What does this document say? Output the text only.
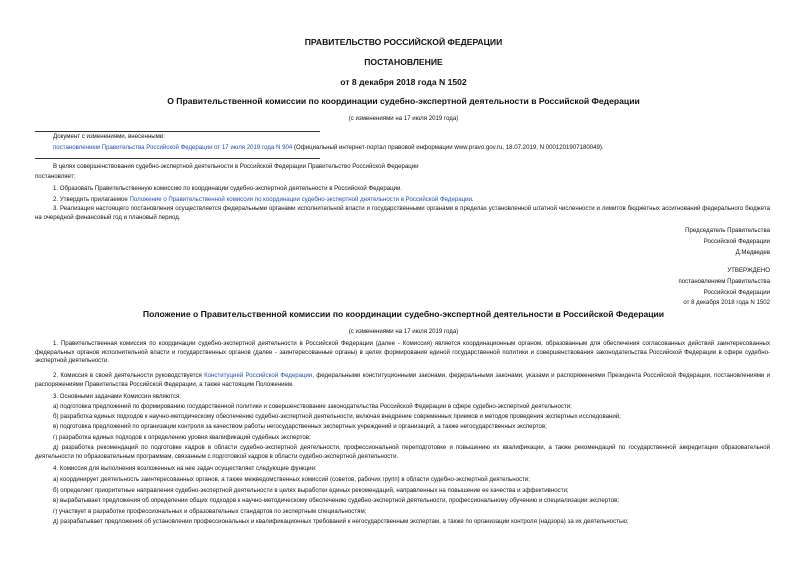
ПРАВИТЕЛЬСТВО РОССИЙСКОЙ ФЕДЕРАЦИИ
ПОСТАНОВЛЕНИЕ
от 8 декабря 2018 года N 1502
О Правительственной комиссии по координации судебно-экспертной деятельности в Российской Федерации
(с изменениями на 17 июля 2019 года)
Документ с изменениями, внесенными:
постановлением Правительства Российской Федерации от 17 июля 2019 года N 904 (Официальный интернет-портал правовой информации www.pravo.gov.ru, 18.07.2019, N 0001201907180049).
В целях совершенствования судебно-экспертной деятельности в Российской Федерации Правительство Российской Федерации
постановляет:
1. Образовать Правительственную комиссию по координации судебно-экспертной деятельности в Российской Федерации.
2. Утвердить прилагаемое Положение о Правительственной комиссии по координации судебно-экспертной деятельности в Российской Федерации.
3. Реализация настоящего постановления осуществляется федеральными органами исполнительной власти и государственными органами в пределах установленной штатной численности и лимитов бюджетных ассигнований федерального бюджета на очередной финансовый год и плановый период.
Председатель Правительства
Российской Федерации
Д.Медведев
УТВЕРЖДЕНО
постановлением Правительства
Российской Федерации
от 8 декабря 2018 года N 1502
Положение о Правительственной комиссии по координации судебно-экспертной деятельности в Российской Федерации
(с изменениями на 17 июля 2019 года)
1. Правительственная комиссия по координации судебно-экспертной деятельности в Российской Федерации (далее - Комиссия) является координационным органом, образованным для обеспечения согласованных действий заинтересованных федеральных органов исполнительной власти и государственных органов (далее - заинтересованные органы) в целях формирования единой государственной политики и совершенствования законодательства Российской Федерации в сфере судебно-экспертной деятельности.
2. Комиссия в своей деятельности руководствуется Конституцией Российской Федерации, федеральными конституционными законами, федеральными законами, указами и распоряжениями Президента Российской Федерации, постановлениями и распоряжениями Правительства Российской Федерации, а также настоящим Положением.
3. Основными задачами Комиссии являются:
а) подготовка предложений по формированию государственной политики и совершенствование законодательства Российской Федерации в сфере судебно-экспертной деятельности;
б) разработка единых подходов к научно-методическому обеспечению судебно-экспертной деятельности, включая внедрение современных приемов и методов проведения экспертных исследований;
в) подготовка предложений по организации контроля за качеством работы негосударственных экспертных учреждений и организаций, а также негосударственных экспертов;
г) разработка единых подходов к определению уровня квалификаций судебных экспертов;
д) разработка рекомендаций по подготовке кадров в области судебно-экспертной деятельности, профессиональной переподготовке и повышению их квалификации, а также рекомендаций по государственной аккредитации образовательной деятельности по образовательным программам, связанным с подготовкой кадров в области судебно-экспертной деятельности.
4. Комиссия для выполнения возложенных на нее задач осуществляет следующие функции:
а) координирует деятельность заинтересованных органов, а также межведомственных комиссий (советов, рабочих групп) в области судебно-экспертной деятельности;
б) определяет приоритетные направления судебно-экспертной деятельности в целях выработки единых рекомендаций, направленных на повышение ее качества и эффективности;
в) вырабатывает предложения об определении общих подходов к научно-методическому обеспечению судебно-экспертной деятельности, профессиональному обучению и специализации экспертов;
г) участвует в разработке профессиональных и образовательных стандартов по экспертным специальностям;
д) разрабатывает предложения об установлении профессиональных и квалификационных требований к негосударственным экспертам, а также по организации контроля (надзора) за их деятельностью;
